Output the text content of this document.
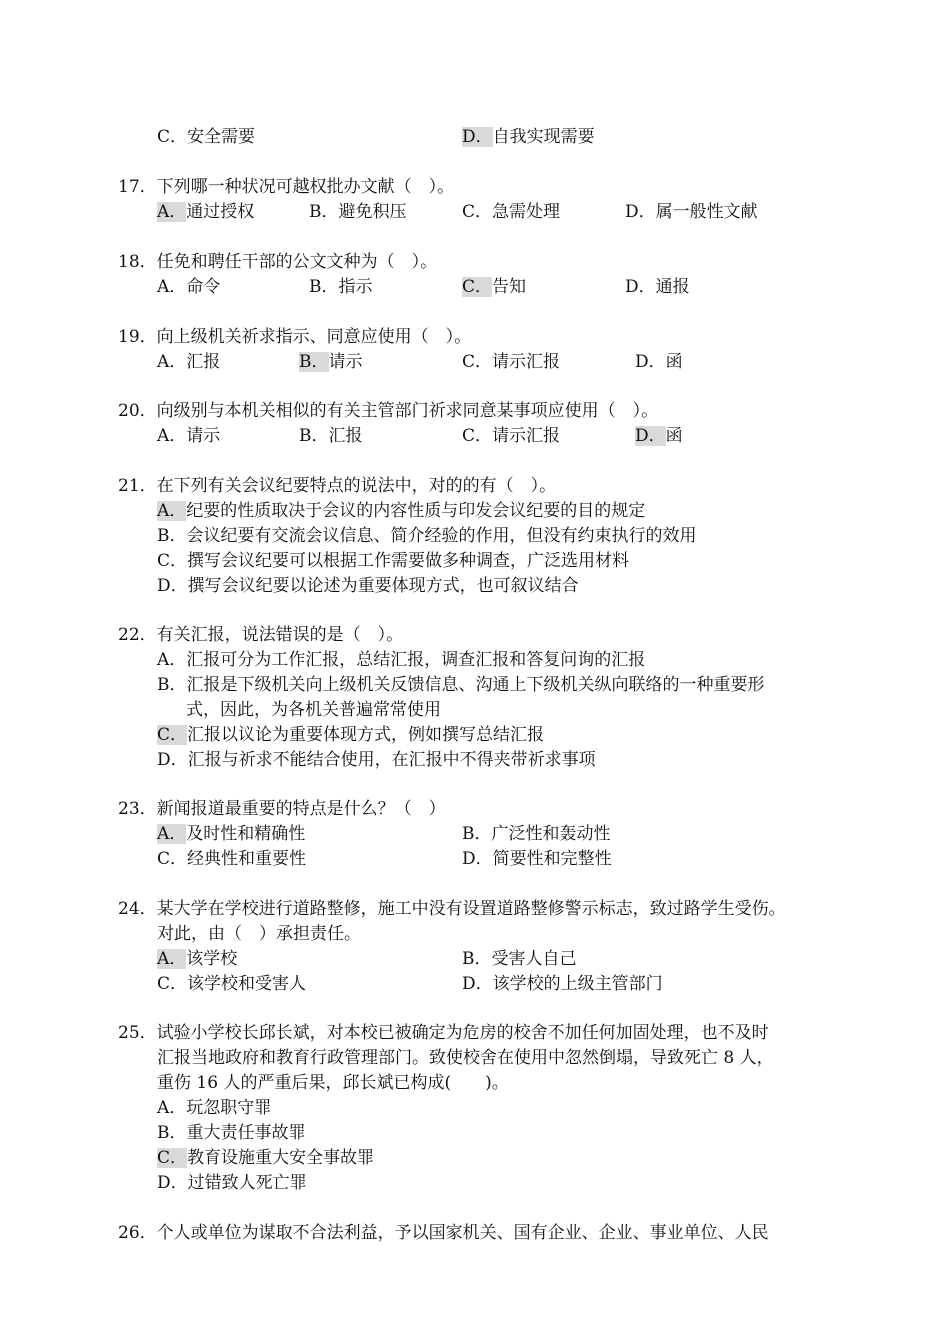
C．安全需要	D．自我实现需要
17．下列哪一种状况可越权批办文献（　）。
A．通过授权	B．避免积压	C．急需处理	D．属一般性文献
18．任免和聘任干部的公文文种为（　）。
A．命令	B．指示	C．告知	D．通报
19．向上级机关祈求指示、同意应使用（　）。
A．汇报	B．请示	C．请示汇报	D．函
20．向级别与本机关相似的有关主管部门祈求同意某事项应使用（　）。
A．请示	B．汇报	C．请示汇报	D．函
21．在下列有关会议纪要特点的说法中，对的的有（　）。
A．纪要的性质取决于会议的内容性质与印发会议纪要的目的规定
B．会议纪要有交流会议信息、简介经验的作用，但没有约束执行的效用
C．撰写会议纪要可以根据工作需要做多种调查，广泛选用材料
D．撰写会议纪要以论述为重要体现方式，也可叙议结合
22．有关汇报，说法错误的是（　）。
A．汇报可分为工作汇报，总结汇报，调查汇报和答复问询的汇报
B．汇报是下级机关向上级机关反馈信息、沟通上下级机关纵向联络的一种重要形
式，因此，为各机关普遍常常使用
C．汇报以议论为重要体现方式，例如撰写总结汇报
D．汇报与祈求不能结合使用，在汇报中不得夹带祈求事项
23．新闻报道最重要的特点是什么？（　）
A．及时性和精确性	B．广泛性和轰动性
C．经典性和重要性	D．简要性和完整性
24．某大学在学校进行道路整修，施工中没有设置道路整修警示标志，致过路学生受伤。
对此，由（　）承担责任。
A．该学校	B．受害人自己
C．该学校和受害人	D．该学校的上级主管部门
25．试验小学校长邱长斌，对本校已被确定为危房的校舍不加任何加固处理，也不及时
汇报当地政府和教育行政管理部门。致使校舍在使用中忽然倒塌，导致死亡 8 人，
重伤 16 人的严重后果，邱长斌已构成(　　)。
A．玩忽职守罪
B．重大责任事故罪
C．教育设施重大安全事故罪
D．过错致人死亡罪
26．个人或单位为谋取不合法利益，予以国家机关、国有企业、企业、事业单位、人民
